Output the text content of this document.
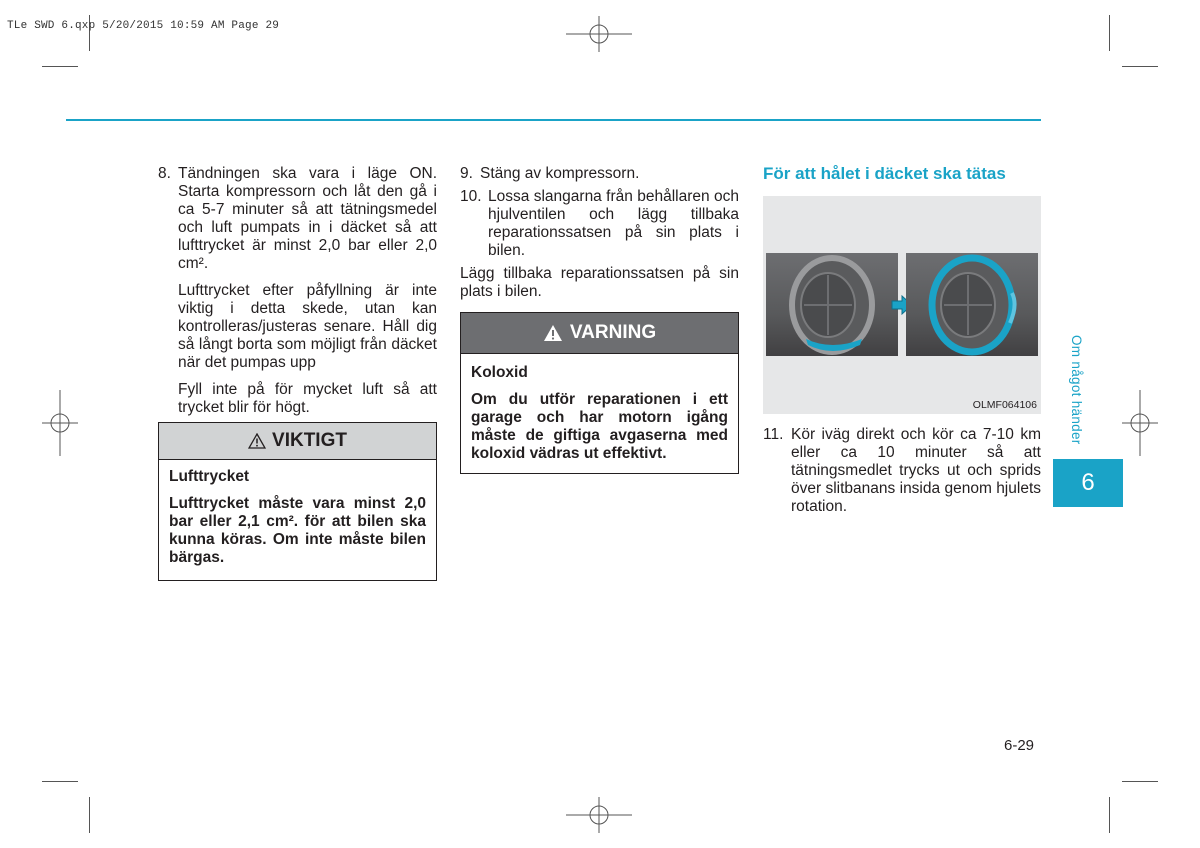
TLe SWD 6.qxp 5/20/2015 10:59 AM Page 29
8. Tändningen ska vara i läge ON. Starta kompressorn och låt den gå i ca 5-7 minuter så att tätningsmedel och luft pumpats in i däcket så att lufttrycket är minst 2,0 bar eller 2,0 cm².

Lufttrycket efter påfyllning är inte viktig i detta skede, utan kan kontrolleras/justeras senare. Håll dig så långt borta som möjligt från däcket när det pumpas upp

Fyll inte på för mycket luft så att trycket blir för högt.

VIKTIGT
Lufttrycket
Lufttrycket måste vara minst 2,0 bar eller 2,1 cm². för att bilen ska kunna köras. Om inte måste bilen bärgas.
9. Stäng av kompressorn.
10. Lossa slangarna från behållaren och hjulventilen och lägg tillbaka reparationssatsen på sin plats i bilen.

Lägg tillbaka reparationssatsen på sin plats i bilen.

VARNING
Koloxid
Om du utför reparationen i ett garage och har motorn igång måste de giftiga avgaserna med koloxid vädras ut effektivt.
För att hålet i däcket ska tätas
OLMF064106
11. Kör iväg direkt och kör ca 7-10 km eller ca 10 minuter så att tätningsmedlet trycks ut och sprids över slitbanans insida genom hjulets rotation.
Om något händer
6
6-29
